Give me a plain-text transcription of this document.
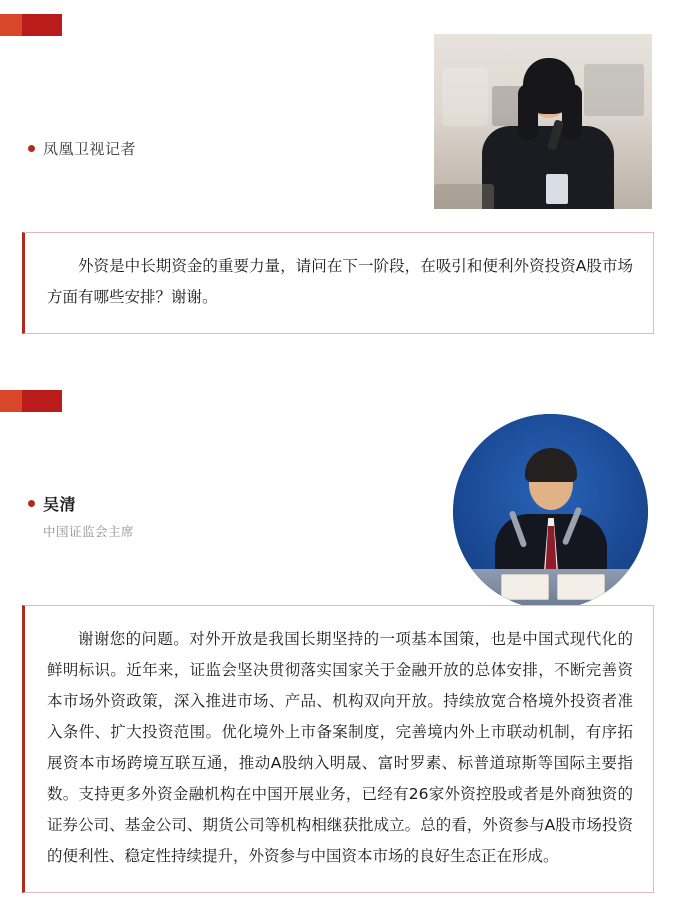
凤凰卫视记者
外资是中长期资金的重要力量，请问在下一阶段，在吸引和便利外资投资A股市场方面有哪些安排？谢谢。
吴清
中国证监会主席
谢谢您的问题。对外开放是我国长期坚持的一项基本国策，也是中国式现代化的鲜明标识。近年来，证监会坚决贯彻落实国家关于金融开放的总体安排，不断完善资本市场外资政策，深入推进市场、产品、机构双向开放。持续放宽合格境外投资者准入条件、扩大投资范围。优化境外上市备案制度，完善境内外上市联动机制，有序拓展资本市场跨境互联互通，推动A股纳入明晟、富时罗素、标普道琼斯等国际主要指数。支持更多外资金融机构在中国开展业务，已经有26家外资控股或者是外商独资的证券公司、基金公司、期货公司等机构相继获批成立。总的看，外资参与A股市场投资的便利性、稳定性持续提升，外资参与中国资本市场的良好生态正在形成。
